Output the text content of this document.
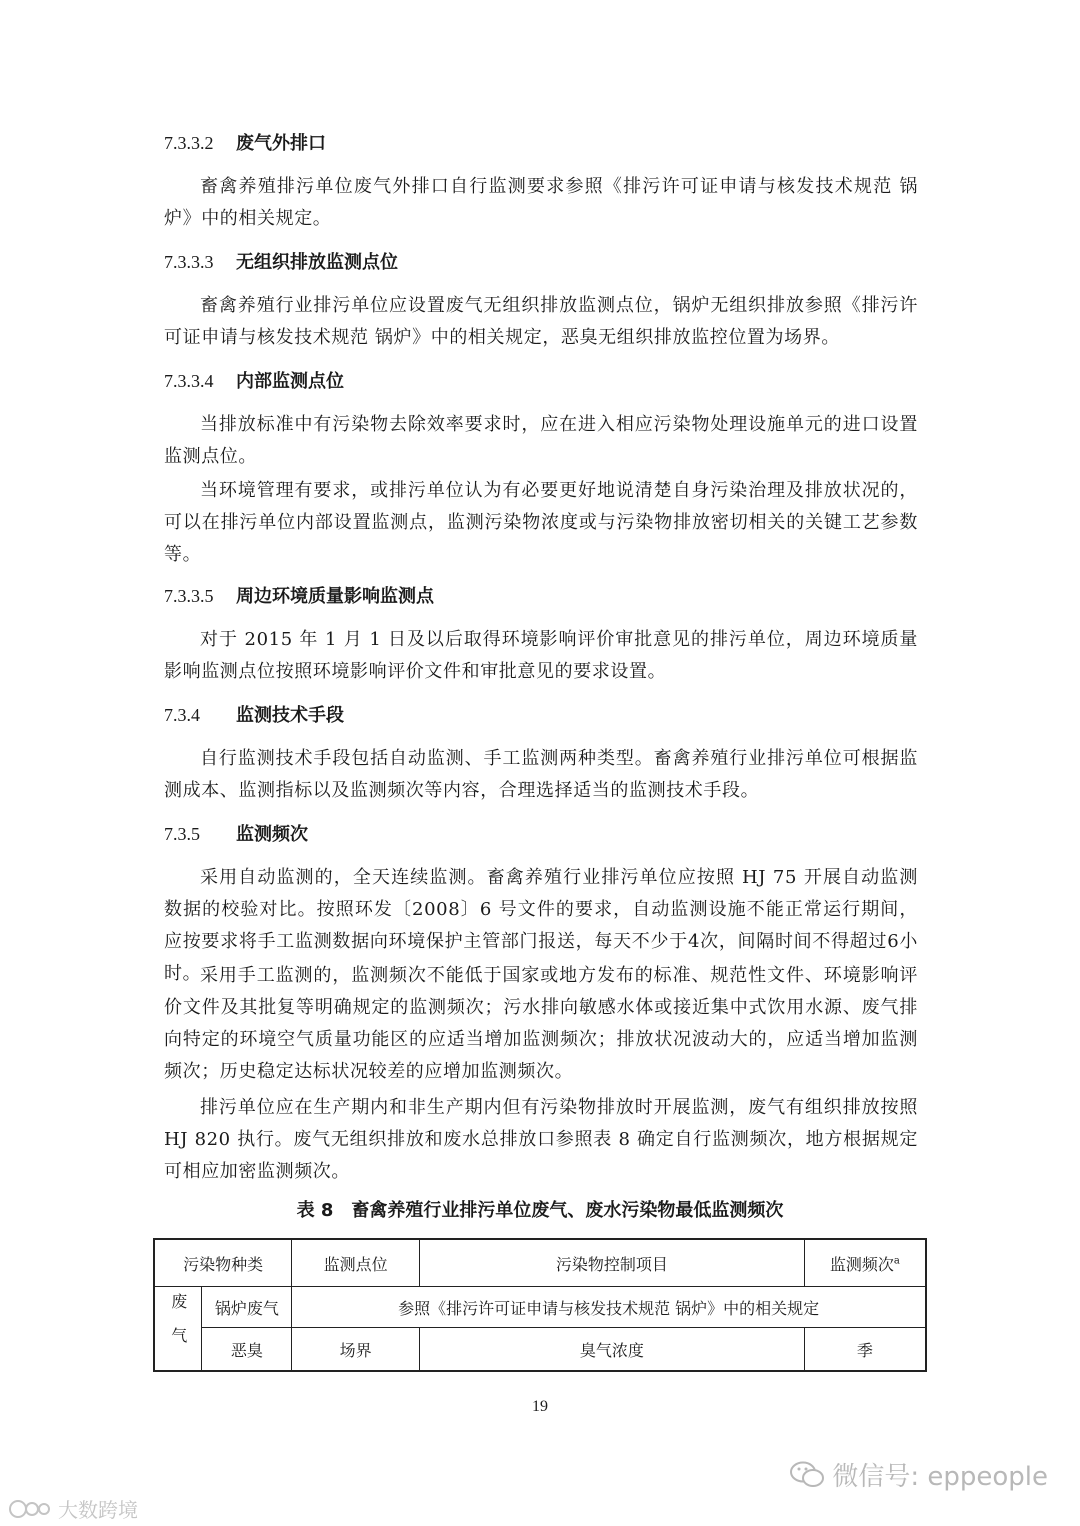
7.3.3.2 废气外排口
畜禽养殖排污单位废气外排口自行监测要求参照《排污许可证申请与核发技术规范 锅炉》中的相关规定。
7.3.3.3 无组织排放监测点位
畜禽养殖行业排污单位应设置废气无组织排放监测点位，锅炉无组织排放参照《排污许可证申请与核发技术规范 锅炉》中的相关规定，恶臭无组织排放监控位置为场界。
7.3.3.4 内部监测点位
当排放标准中有污染物去除效率要求时，应在进入相应污染物处理设施单元的进口设置监测点位。
当环境管理有要求，或排污单位认为有必要更好地说清楚自身污染治理及排放状况的，可以在排污单位内部设置监测点，监测污染物浓度或与污染物排放密切相关的关键工艺参数等。
7.3.3.5 周边环境质量影响监测点
对于 2015 年 1 月 1 日及以后取得环境影响评价审批意见的排污单位，周边环境质量影响监测点位按照环境影响评价文件和审批意见的要求设置。
7.3.4 监测技术手段
自行监测技术手段包括自动监测、手工监测两种类型。畜禽养殖行业排污单位可根据监测成本、监测指标以及监测频次等内容，合理选择适当的监测技术手段。
7.3.5 监测频次
采用自动监测的，全天连续监测。畜禽养殖行业排污单位应按照 HJ 75 开展自动监测数据的校验对比。按照环发〔2008〕6 号文件的要求，自动监测设施不能正常运行期间，应按要求将手工监测数据向环境保护主管部门报送，每天不少于4次，间隔时间不得超过6小时。
采用手工监测的，监测频次不能低于国家或地方发布的标准、规范性文件、环境影响评价文件及其批复等明确规定的监测频次；污水排向敏感水体或接近集中式饮用水源、废气排向特定的环境空气质量功能区的应适当增加监测频次；排放状况波动大的，应适当增加监测频次；历史稳定达标状况较差的应增加监测频次。
排污单位应在生产期内和非生产期内但有污染物排放时开展监测，废气有组织排放按照 HJ 820 执行。废气无组织排放和废水总排放口参照表 8 确定自行监测频次，地方根据规定可相应加密监测频次。
表 8　畜禽养殖行业排污单位废气、废水污染物最低监测频次
污染物种类		监测点位	污染物控制项目	监测频次$^a$
废气	锅炉废气	参照《排污许可证申请与核发技术规范 锅炉》中的相关规定		
	恶臭	场界	臭气浓度	季
19
微信号: eppeople
大数跨境
